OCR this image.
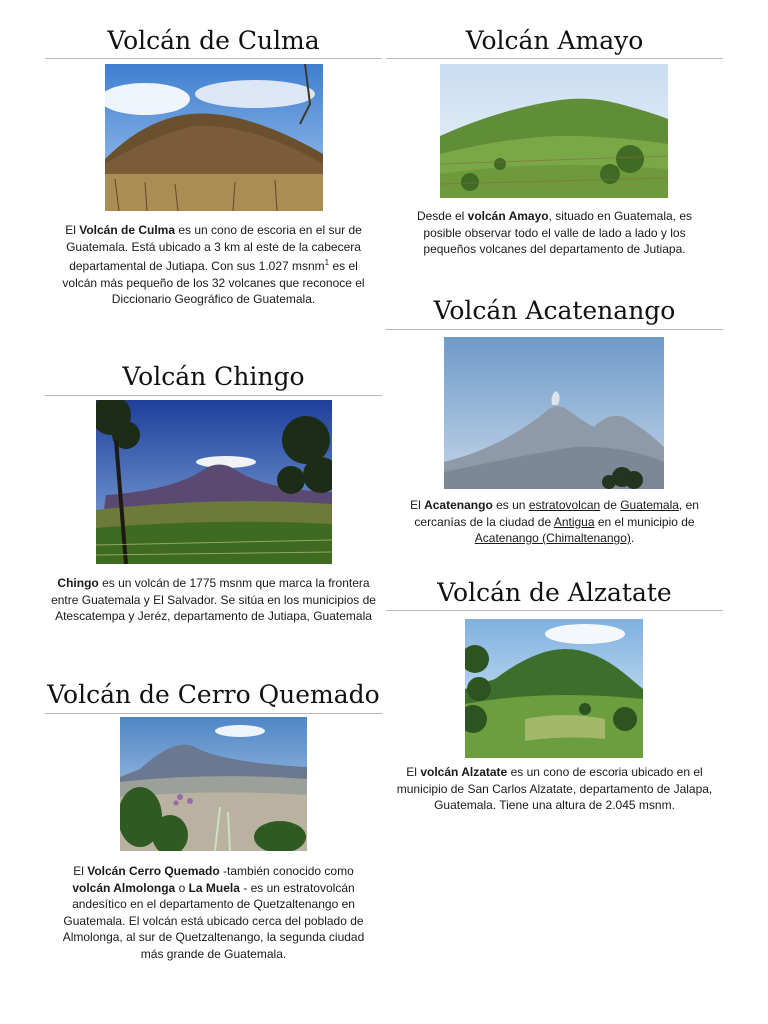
Volcán de Culma
El Volcán de Culma es un cono de escoria en el sur de Guatemala. Está ubicado a 3 km al este de la cabecera departamental de Jutiapa. Con sus 1.027 msnm$^1$ es el volcán más pequeño de los 32 volcanes que reconoce el Diccionario Geográfico de Guatemala.
Volcán Amayo
Desde el volcán Amayo, situado en Guatemala, es posible observar todo el valle de lado a lado y los pequeños volcanes del departamento de Jutiapa.
Volcán Acatenango
El Acatenango es un estratovolcan de Guatemala, en cercanías de la ciudad de Antigua en el municipio de Acatenango (Chimaltenango).
Volcán Chingo
Chingo es un volcán de 1775 msnm que marca la frontera entre Guatemala y El Salvador. Se sitúa en los municipios de Atescatempa y Jeréz, departamento de Jutiapa, Guatemala
Volcán de Alzatate
El volcán Alzatate es un cono de escoria ubicado en el municipio de San Carlos Alzatate, departamento de Jalapa, Guatemala. Tiene una altura de 2.045 msnm.
Volcán de Cerro Quemado
El Volcán Cerro Quemado -también conocido como volcán Almolonga o La Muela - es un estratovolcán andesítico en el departamento de Quetzaltenango en Guatemala. El volcán está ubicado cerca del poblado de Almolonga, al sur de Quetzaltenango, la segunda ciudad más grande de Guatemala.
